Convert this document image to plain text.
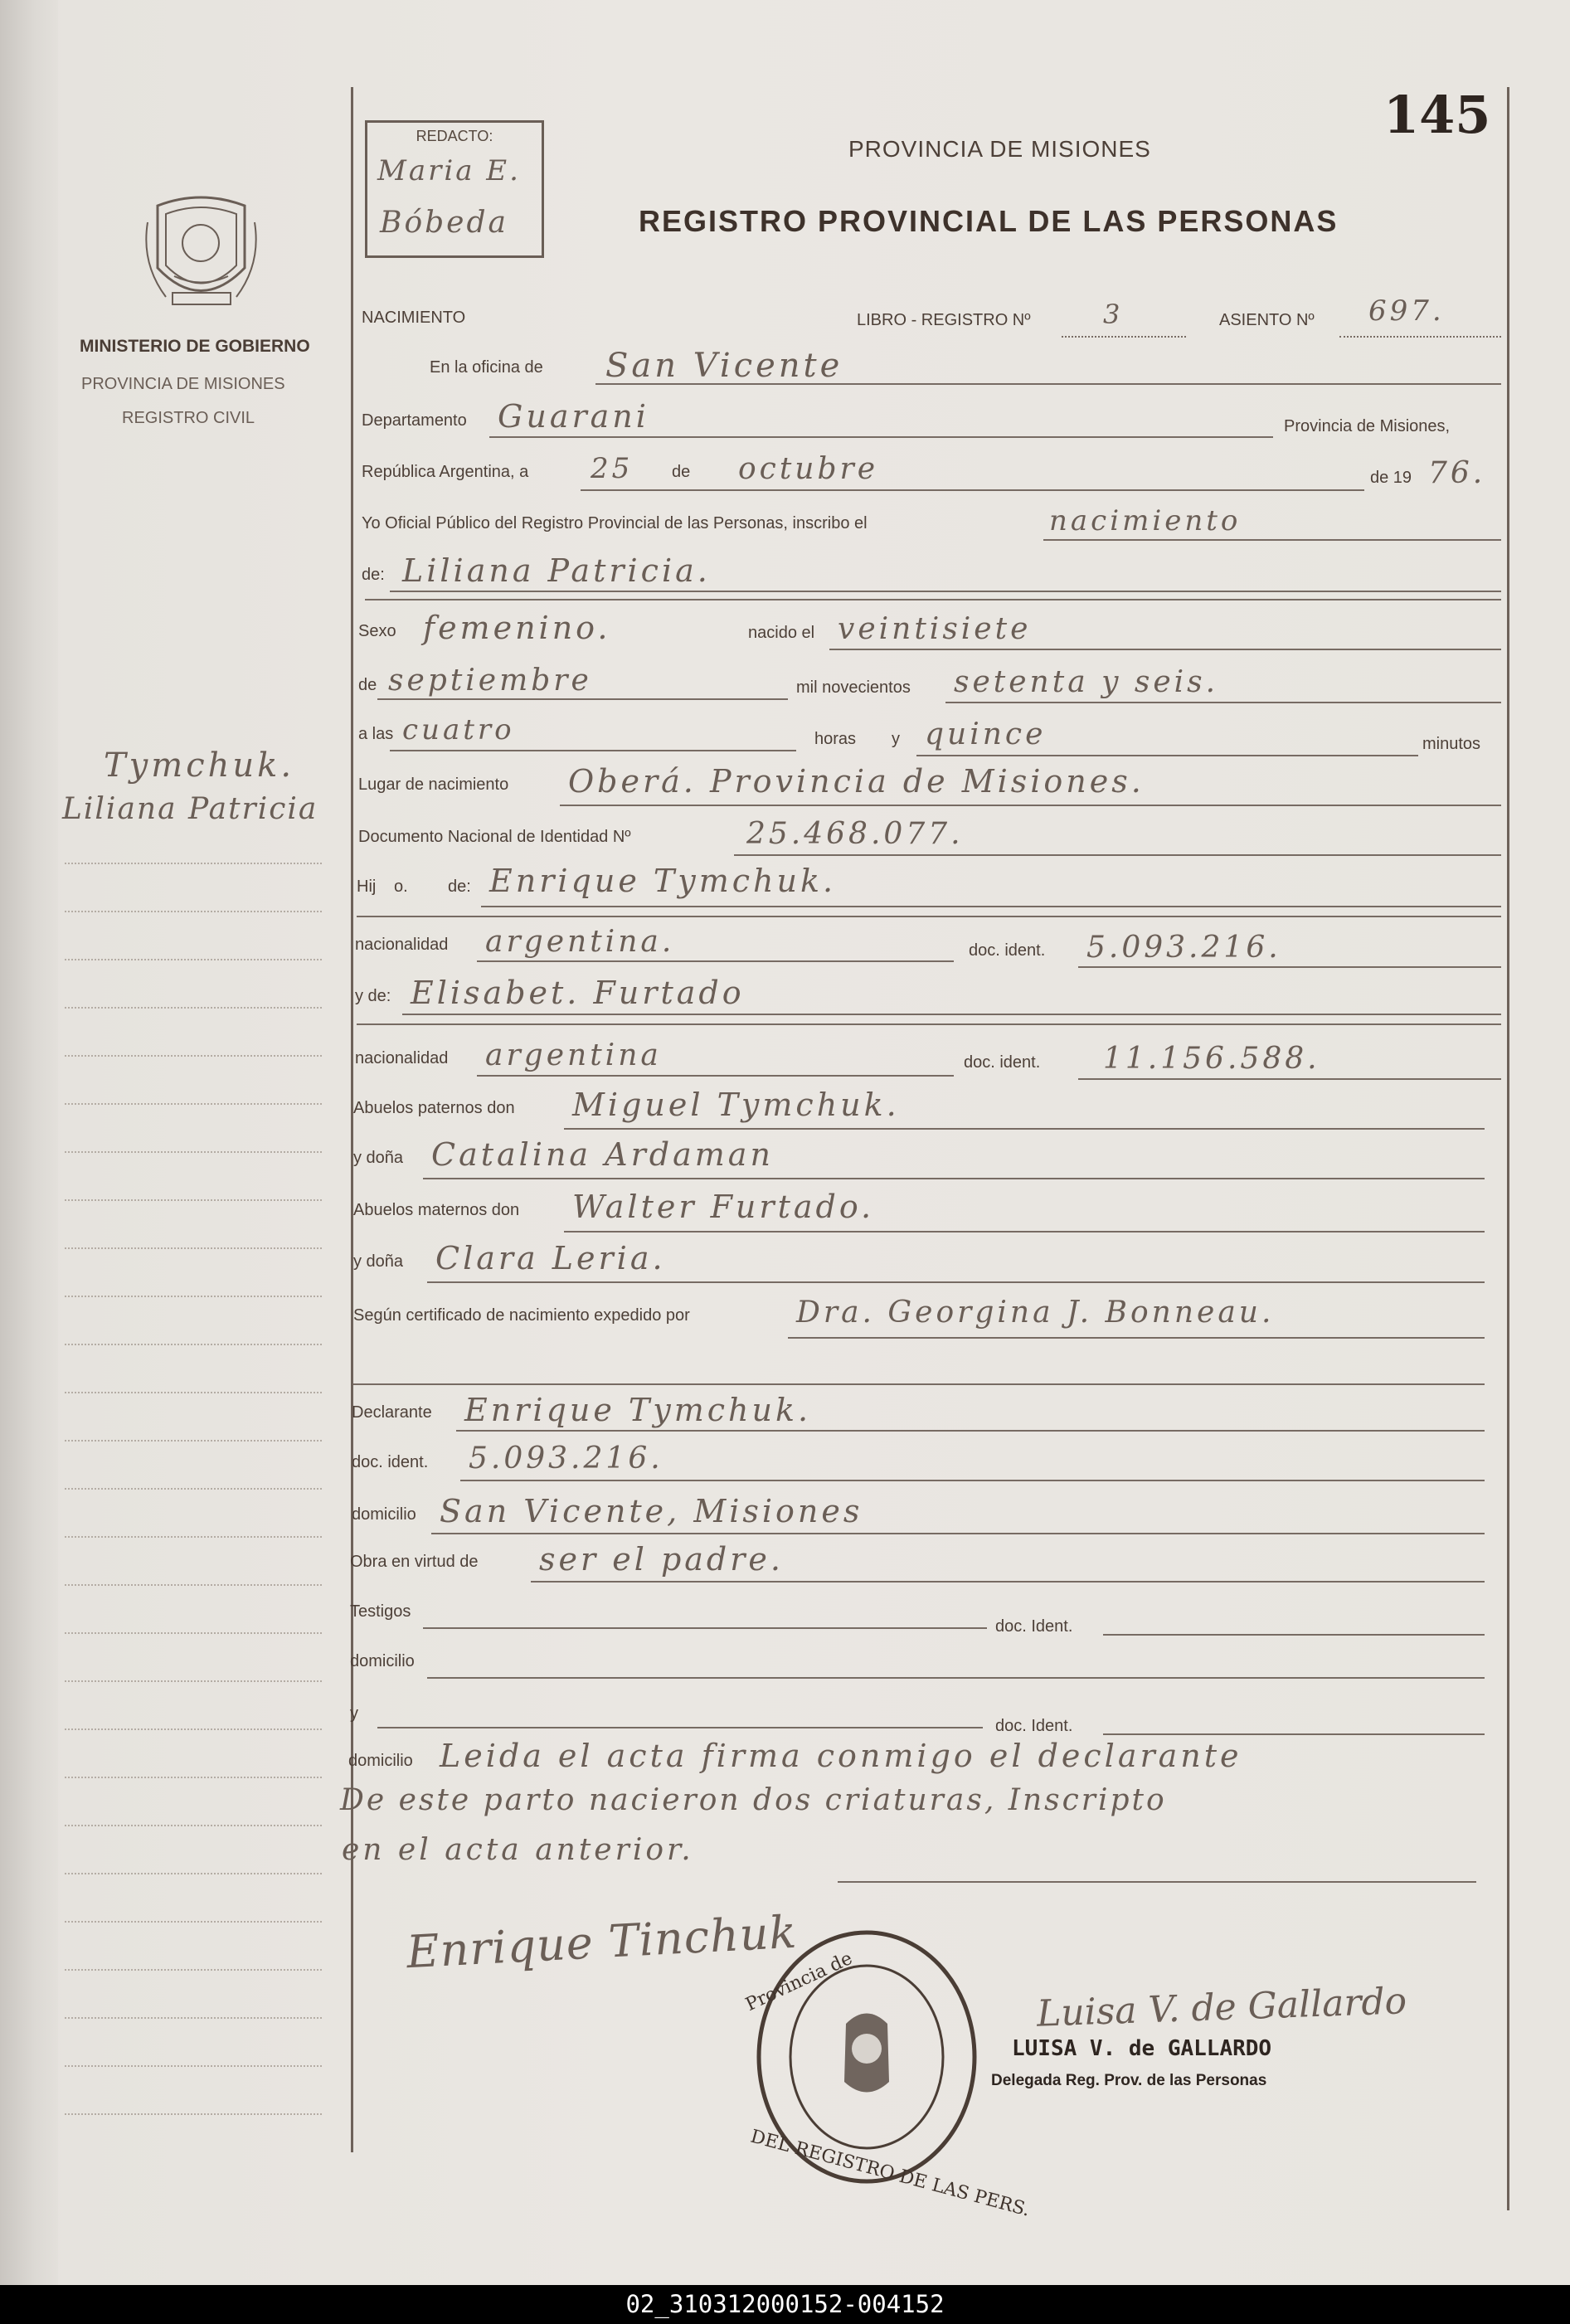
MINISTERIO DE GOBIERNO
PROVINCIA DE MISIONES
REGISTRO CIVIL
Tymchuk.
Liliana Patricia
REDACTO:
Maria E.
Bóbeda
PROVINCIA DE MISIONES
REGISTRO PROVINCIAL DE LAS PERSONAS
145
NACIMIENTO	LIBRO - REGISTRO Nº	3	ASIENTO Nº 697.
En la oficina de San Vicente
Departamento Guarani	Provincia de Misiones,
República Argentina, a 25 de octubre	de 19 76.
Yo Oficial Público del Registro Provincial de las Personas, inscribo el	nacimiento
de: Liliana Patricia.
Sexo femenino.	nacido el veintisiete
de septiembre	mil novecientos setenta y seis.
a las cuatro	horas y quince	minutos
Lugar de nacimiento Oberá. Provincia de Misiones.
Documento Nacional de Identidad Nº	25.468.077.
Hij o. de: Enrique Tymchuk.
nacionalidad argentina.	doc. ident. 5.093.216.
y de: Elisabet. Furtado
nacionalidad argentina	doc. ident. 11.156.588.
Abuelos paternos don Miguel Tymchuk.
y doña Catalina Ardaman
Abuelos maternos don Walter Furtado.
y doña Clara Leria.
Según certificado de nacimiento expedido por	Dra. Georgina J. Bonneau.
Declarante Enrique Tymchuk.
doc. ident. 5.093.216.
domicilio San Vicente, Misiones
Obra en virtud de ser el padre.
Testigos
doc. Ident.
domicilio
y
doc. Ident.
domicilio Leida el acta firma conmigo el declarante
De este parto nacieron dos criaturas, Inscripto
en el acta anterior.
Enrique Tinchuk
Provincia de
DEL REGISTRO DE LAS PERS.
Luisa V. de Gallardo
LUISA V. de GALLARDO
Delegada Reg. Prov. de las Personas
02_310312000152-004152
